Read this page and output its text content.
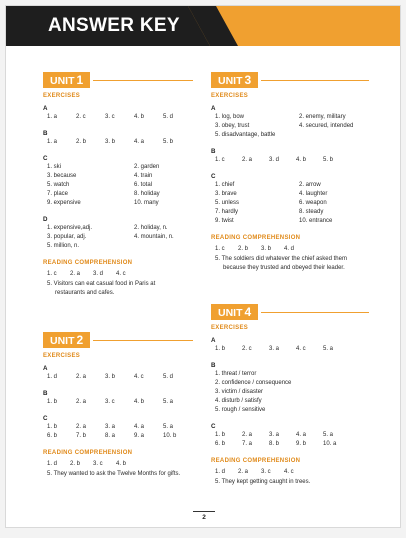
ANSWER KEY
UNIT 1
EXERCISES
A
1. a	2. c	3. c	4. b	5. d
B
1. a	2. b	3. b	4. a	5. b
C
1. ski	2. garden
3. because	4. train
5. watch	6. total
7. place	8. holiday
9. expensive	10. many
D
1. expensive,adj.	2. holiday, n.
3. popular, adj.	4. mountain, n.
5. million, n.
READING COMPREHENSION
1. c 2. a 3. d 4. c
5. Visitors can eat casual food in Paris at
restaurants and cafes.
UNIT 2
EXERCISES
A
1. d	2. a	3. b	4. c	5. d
B
1. b	2. a	3. c	4. b	5. a
C
1. b	2. a	3. a	4. a	5. a
6. b	7. b	8. a	9. a	10. b
READING COMPREHENSION
1. d 2. b 3. c 4. b
5. They wanted to ask the Twelve Months for gifts.
UNIT 3
EXERCISES
A
1. log, bow	2. enemy, military
3. obey, trust	4. secured, intended
5. disadvantage, battle
B
1. c	2. a	3. d	4. b	5. b
C
1. chief	2. arrow
3. brave	4. laughter
5. unless	6. weapon
7. hardly	8. steady
9. twist	10. entrance
READING COMPREHENSION
1. c 2. b 3. b 4. d
5. The soldiers did whatever the chief asked them
because they trusted and obeyed their leader.
UNIT 4
EXERCISES
A
1. b	2. c	3. a	4. c	5. a
B
1. threat / terror
2. confidence / consequence
3. victim / disaster
4. disturb / satisfy
5. rough / sensitive
C
1. b	2. a	3. a	4. a	5. a
6. b	7. a	8. b	9. b	10. a
READING COMPREHENSION
1. d 2. a 3. c 4. c
5. They kept getting caught in trees.
2
